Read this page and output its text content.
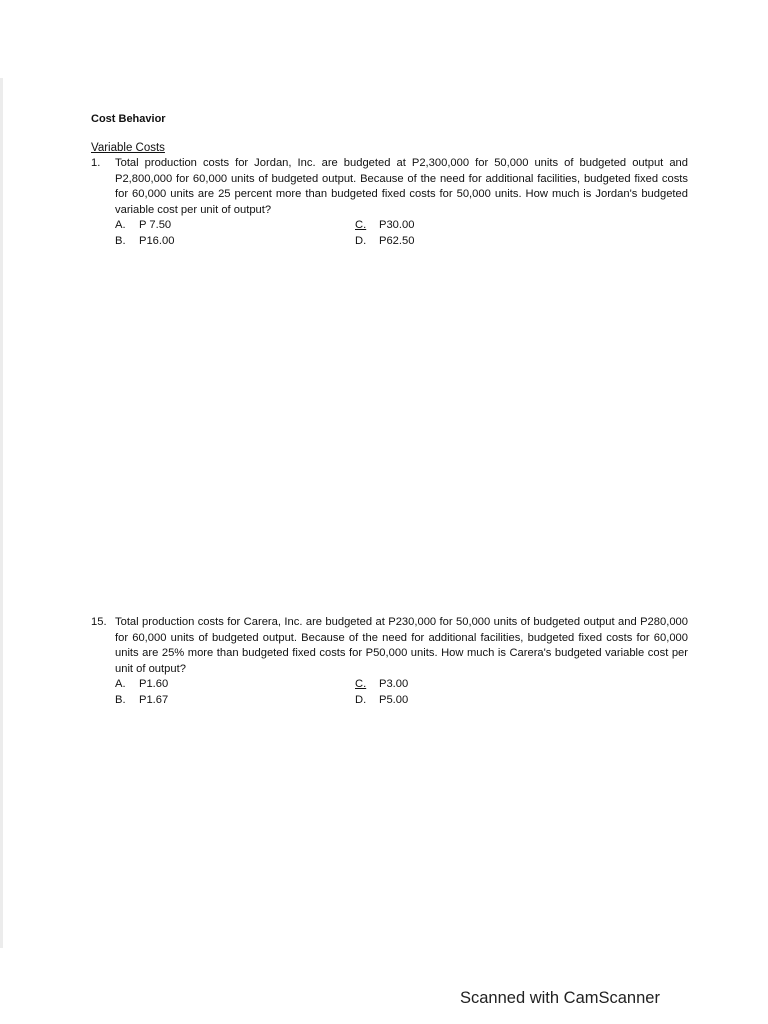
Cost Behavior
Variable Costs
1.	Total production costs for Jordan, Inc. are budgeted at P2,300,000 for 50,000 units of budgeted output and P2,800,000 for 60,000 units of budgeted output. Because of the need for additional facilities, budgeted fixed costs for 60,000 units are 25 percent more than budgeted fixed costs for 50,000 units. How much is Jordan's budgeted variable cost per unit of output?
A.	P 7.50	C.	P30.00
B.	P16.00	D.	P62.50
15. Total production costs for Carera, Inc. are budgeted at P230,000 for 50,000 units of budgeted output and P280,000 for 60,000 units of budgeted output. Because of the need for additional facilities, budgeted fixed costs for 60,000 units are 25% more than budgeted fixed costs for P50,000 units. How much is Carera's budgeted variable cost per unit of output?
A.	P1.60	C.	P3.00
B.	P1.67	D.	P5.00
Scanned with CamScanner
